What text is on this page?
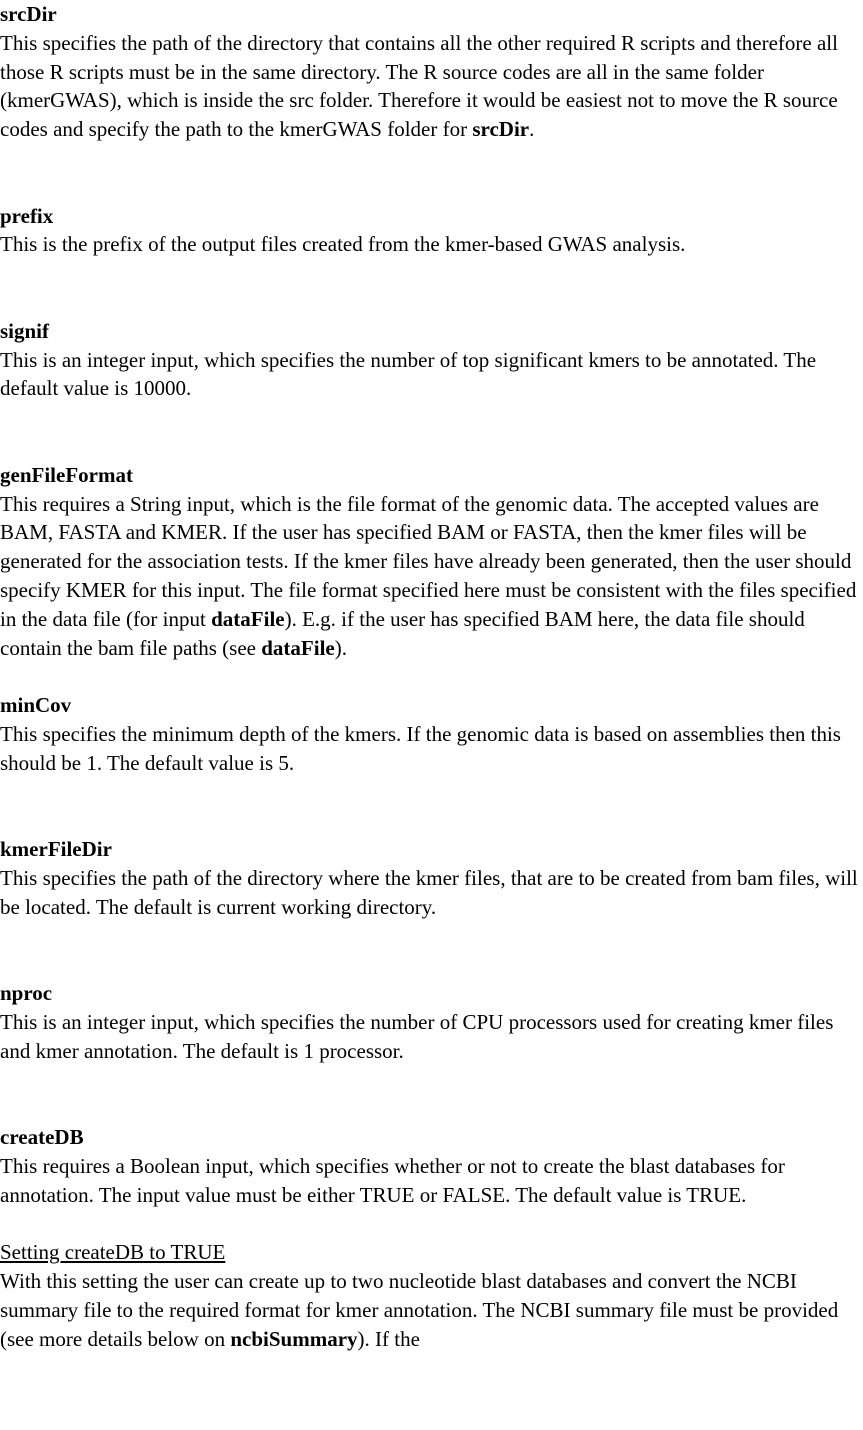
srcDir
This specifies the path of the directory that contains all the other required R scripts and therefore all those R scripts must be in the same directory. The R source codes are all in the same folder (kmerGWAS), which is inside the src folder. Therefore it would be easiest not to move the R source codes and specify the path to the kmerGWAS folder for srcDir.
prefix
This is the prefix of the output files created from the kmer-based GWAS analysis.
signif
This is an integer input, which specifies the number of top significant kmers to be annotated. The default value is 10000.
genFileFormat
This requires a String input, which is the file format of the genomic data. The accepted values are BAM, FASTA and KMER. If the user has specified BAM or FASTA, then the kmer files will be generated for the association tests. If the kmer files have already been generated, then the user should specify KMER for this input. The file format specified here must be consistent with the files specified in the data file (for input dataFile). E.g. if the user has specified BAM here, the data file should contain the bam file paths (see dataFile).
minCov
This specifies the minimum depth of the kmers. If the genomic data is based on assemblies then this should be 1. The default value is 5.
kmerFileDir
This specifies the path of the directory where the kmer files, that are to be created from bam files, will be located. The default is current working directory.
nproc
This is an integer input, which specifies the number of CPU processors used for creating kmer files and kmer annotation. The default is 1 processor.
createDB
This requires a Boolean input, which specifies whether or not to create the blast databases for annotation. The input value must be either TRUE or FALSE. The default value is TRUE.
Setting createDB to TRUE
With this setting the user can create up to two nucleotide blast databases and convert the NCBI summary file to the required format for kmer annotation. The NCBI summary file must be provided (see more details below on ncbiSummary). If the
